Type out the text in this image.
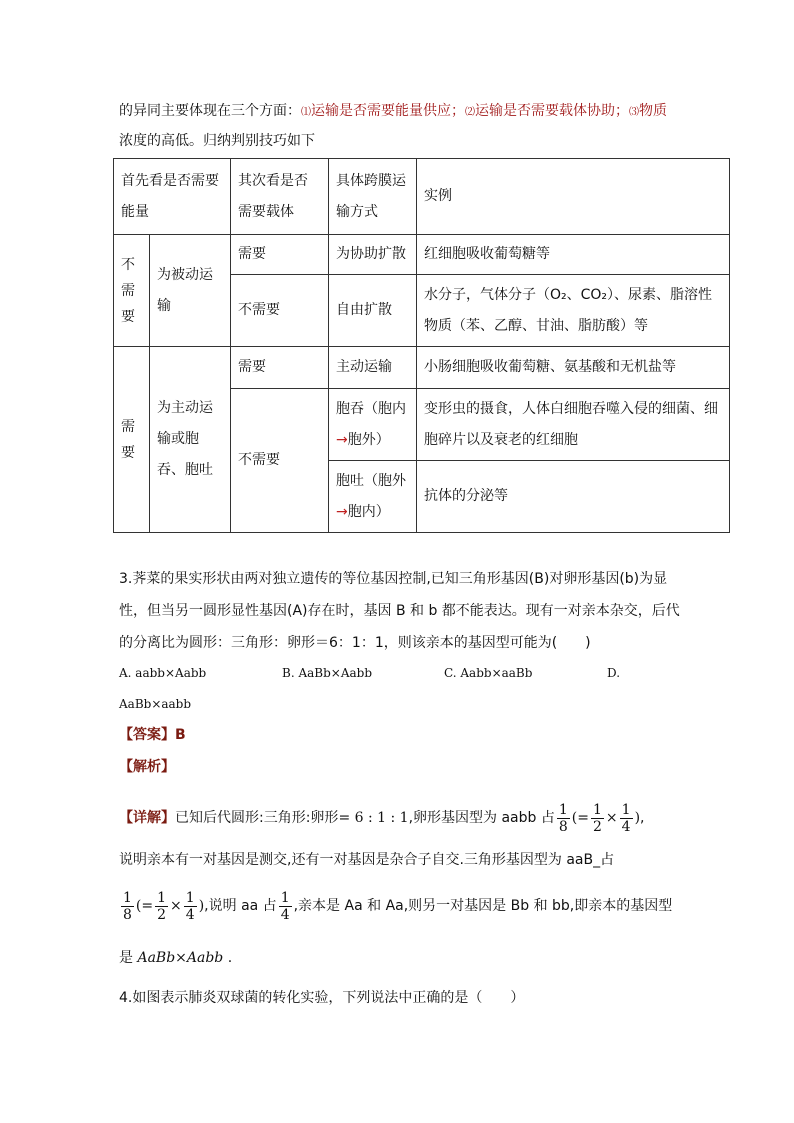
的异同主要体现在三个方面：⑴运输是否需要能量供应；⑵运输是否需要载体协助；⑶物质
浓度的高低。归纳判别技巧如下
首先看是否需要能量		其次看是否需要载体	具体跨膜运输方式	实例
不需要	为被动运输	需要	为协助扩散	红细胞吸收葡萄糖等
		不需要	自由扩散	水分子，气体分子（O₂、CO₂）、尿素、脂溶性物质（苯、乙醇、甘油、脂肪酸）等
需要	为主动运输或胞吞、胞吐	需要	主动运输	小肠细胞吸收葡萄糖、氨基酸和无机盐等
		不需要	胞吞（胞内→胞外）	变形虫的摄食，人体白细胞吞噬入侵的细菌、细胞碎片以及衰老的红细胞
			胞吐（胞外→胞内）	抗体的分泌等
3.荠菜的果实形状由两对独立遗传的等位基因控制,已知三角形基因(B)对卵形基因(b)为显
性，但当另一圆形显性基因(A)存在时，基因 B 和 b 都不能表达。现有一对亲本杂交，后代
的分离比为圆形：三角形：卵形＝6：1：1，则该亲本的基因型可能为(　　)
A. aabb×Aabb	B. AaBb×Aabb	C. Aabb×aaBb	D.
AaBb×aabb
【答案】B
【解析】
【详解】 已知后代圆形:三角形:卵形 = 6 : 1 : 1 ,卵形基因型为 aabb 占 $\frac{1}{8}$ (= $\frac{1}{2} \times \frac{1}{4}$ ) ,
说明亲本有一对基因是测交,还有一对基因是杂合子自交.三角形基因型为 aaB_占
$\frac{1}{8}$ (= $\frac{1}{2} \times \frac{1}{4}$ ) ,说明 aa 占 $\frac{1}{4}$ ,亲本是 Aa 和 Aa,则另一对基因是 Bb 和 bb,即亲本的基因型
是 AaBb×Aabb .
4.如图表示肺炎双球菌的转化实验，下列说法中正确的是（　　）
